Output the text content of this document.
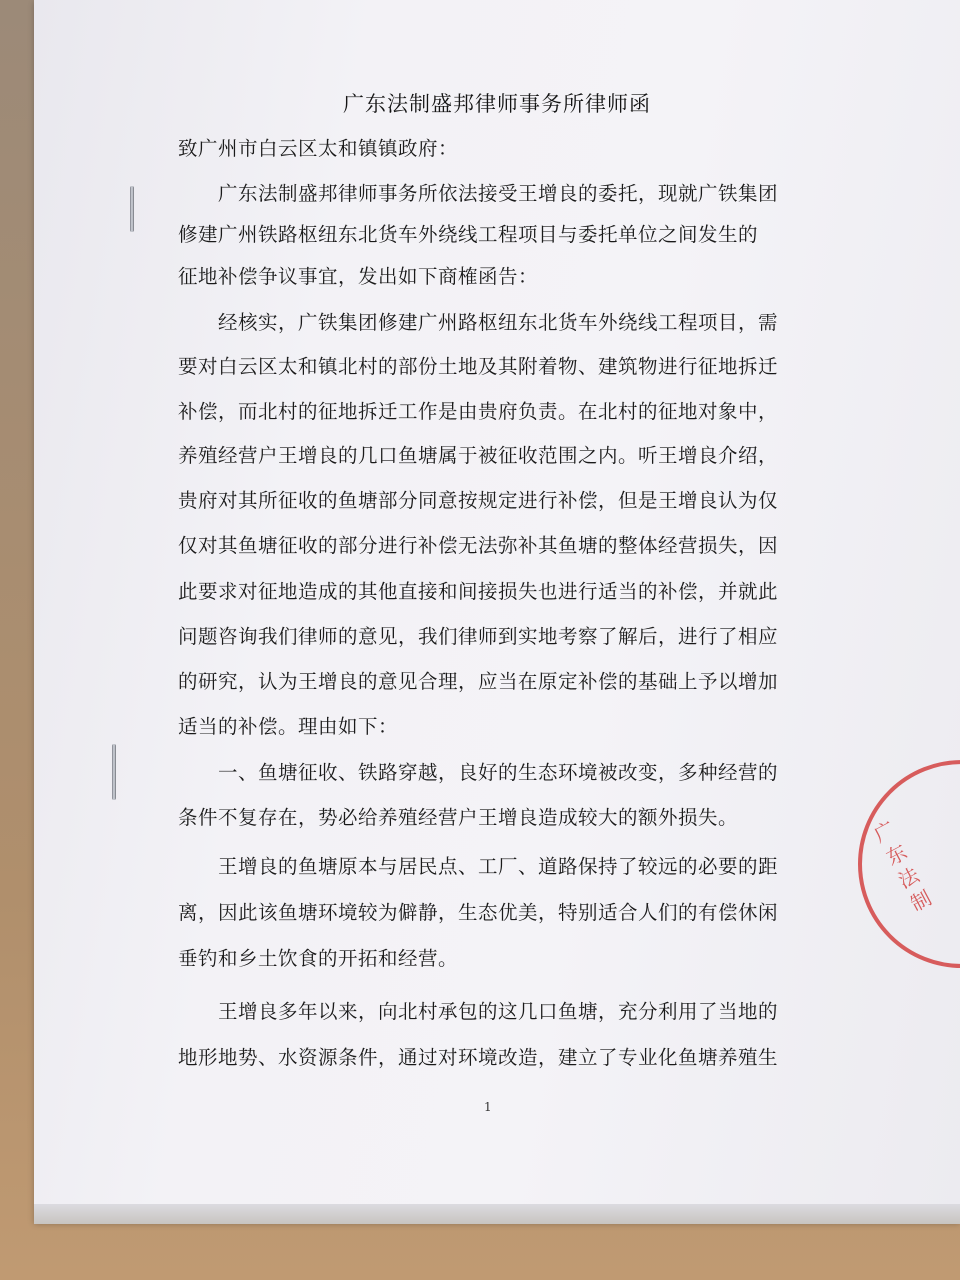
广东法制盛邦律师事务所律师函
致广州市白云区太和镇镇政府：
广东法制盛邦律师事务所依法接受王增良的委托，现就广铁集团
修建广州铁路枢纽东北货车外绕线工程项目与委托单位之间发生的
征地补偿争议事宜，发出如下商榷函告：
经核实，广铁集团修建广州路枢纽东北货车外绕线工程项目，需
要对白云区太和镇北村的部份土地及其附着物、建筑物进行征地拆迁
补偿，而北村的征地拆迁工作是由贵府负责。在北村的征地对象中，
养殖经营户王增良的几口鱼塘属于被征收范围之内。听王增良介绍，
贵府对其所征收的鱼塘部分同意按规定进行补偿，但是王增良认为仅
仅对其鱼塘征收的部分进行补偿无法弥补其鱼塘的整体经营损失，因
此要求对征地造成的其他直接和间接损失也进行适当的补偿，并就此
问题咨询我们律师的意见，我们律师到实地考察了解后，进行了相应
的研究，认为王增良的意见合理，应当在原定补偿的基础上予以增加
适当的补偿。理由如下：
一、鱼塘征收、铁路穿越，良好的生态环境被改变，多种经营的
条件不复存在，势必给养殖经营户王增良造成较大的额外损失。
王增良的鱼塘原本与居民点、工厂、道路保持了较远的必要的距
离，因此该鱼塘环境较为僻静，生态优美，特别适合人们的有偿休闲
垂钓和乡土饮食的开拓和经营。
王增良多年以来，向北村承包的这几口鱼塘，充分利用了当地的
地形地势、水资源条件，通过对环境改造，建立了专业化鱼塘养殖生
1
广东法制
